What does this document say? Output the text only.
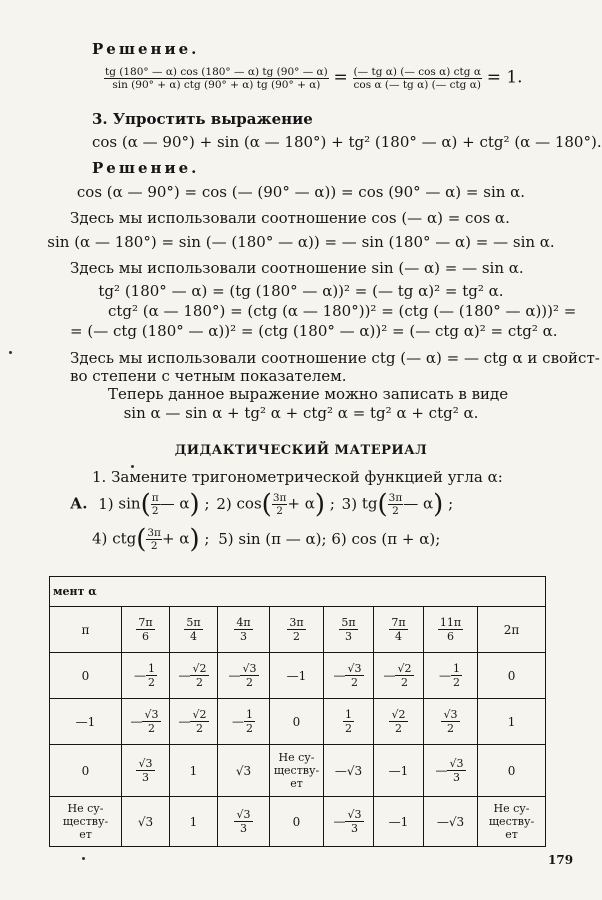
Решение.
$\frac{tg (180^\circ — \alpha) \cos (180^\circ — \alpha) tg (90^\circ — \alpha)}{\text{sin (90° + α) ctg (90° + α) tg (90° + α)}} = \frac{\text{(— tg α) (— cos α) ctg α}}{\text{cos α (— tg α) (— ctg α)}} = 1$.
3. Упростить выражение
cos (α — 90°) + sin (α — 180°) + tg² (180° — α) + ctg² (α — 180°).
Решение.
cos (α — 90°) = cos (— (90° — α)) = cos (90° — α) = sin α.
Здесь мы использовали соотношение cos (— α) = cos α.
sin (α — 180°) = sin (— (180° — α)) = — sin (180° — α) = — sin α.
Здесь мы использовали соотношение sin (— α) = — sin α.
tg² (180° — α) = (tg (180° — α))² = (— tg α)² = tg² α.
ctg² (α — 180°) = (ctg (α — 180°))² = (ctg (— (180° — α)))² =
= (— ctg (180° — α))² = (ctg (180° — α))² = (— ctg α)² = ctg² α.
Здесь мы использовали соотношение ctg (— α) = — ctg α и свойст-
во степени с четным показателем.
Теперь данное выражение можно записать в виде
sin α — sin α + tg² α + ctg² α = tg² α + ctg² α.
ДИДАКТИЧЕСКИЙ МАТЕРИАЛ
1. Замените тригонометрической функцией угла α:
А. 1) $\sin( \frac{\pi}{2}$ — α) ; 2) $\cos( \frac{3\pi}{2} + \alpha)$ ; 3) $tg( \frac{3\pi}{2}$ — α) ;
4) $ctg( \frac{3\pi}{2} + \alpha)$ ; 5) sin (π — α); 6) cos (π + α);
мент α								
π	$\frac{7\pi}{6}$	$\frac{5\pi}{4}$	$\frac{4\pi}{3}$	$\frac{3\pi}{2}$	$\frac{5\pi}{3}$	$\frac{7\pi}{4}$	$\frac{11\pi}{6}$	2π
0	— $\frac{1}{2}$	— $\frac{√2}{2}$	— $\frac{√3}{2}$	—1	— $\frac{√3}{2}$	— $\frac{√2}{2}$	— $\frac{1}{2}$	0
—1	— $\frac{√3}{2}$	— $\frac{√2}{2}$	— $\frac{1}{2}$	0	$\frac{1}{2}$	$\frac{√2}{2}$	$\frac{√3}{2}$	1
0	$\frac{√3}{3}$	1	√3	Не су-
ществу-
ет	—√3	—1	— $\frac{√3}{3}$	0
Не су-
ществу-
ет	√3	1	$\frac{√3}{3}$	0	— $\frac{√3}{3}$	—1	—√3	Не су-
ществу-
ет
179
